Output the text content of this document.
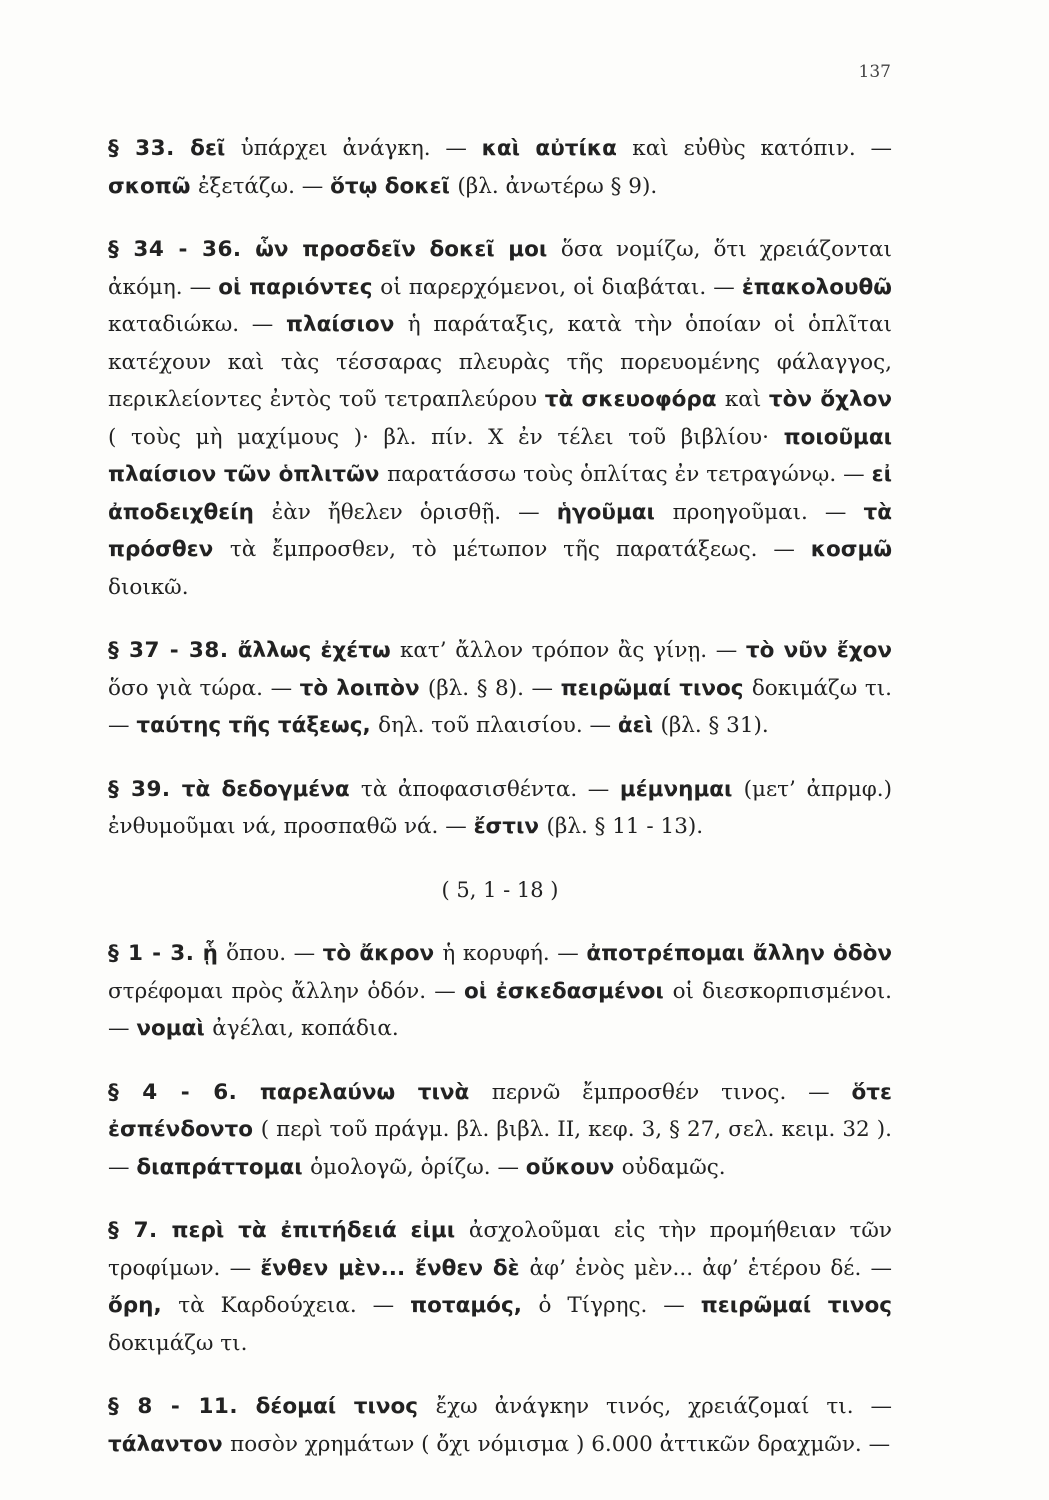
137

§ 33. δεῖ ὑπάρχει ἀνάγκη. — καὶ αὐτίκα καὶ εὐθὺς κατόπιν. — σκοπῶ ἐξετάζω. — ὅτῳ δοκεῖ (βλ. ἀνωτέρω § 9).

§ 34 - 36. ὧν προσδεῖν δοκεῖ μοι ὅσα νομίζω, ὅτι χρειάζονται ἀκόμη. — οἱ παριόντες οἱ παρερχόμενοι, οἱ διαβάται. — ἐπακολουθῶ καταδιώκω. — πλαίσιον ἡ παράταξις, κατὰ τὴν ὁποίαν οἱ ὁπλῖται κατέχουν καὶ τὰς τέσσαρας πλευρὰς τῆς πορευομένης φάλαγγος, περικλείοντες ἐντὸς τοῦ τετραπλεύρου τὰ σκευοφόρα καὶ τὸν ὄχλον ( τοὺς μὴ μαχίμους )· βλ. πίν. X ἐν τέλει τοῦ βιβλίου· ποιοῦμαι πλαίσιον τῶν ὁπλιτῶν παρατάσσω τοὺς ὁπλίτας ἐν τετραγώνῳ. — εἰ ἀποδειχθείη ἐὰν ἤθελεν ὁρισθῇ. — ἡγοῦμαι προηγοῦμαι. — τὰ πρόσθεν τὰ ἔμπροσθεν, τὸ μέτωπον τῆς παρατάξεως. — κοσμῶ διοικῶ.

§ 37 - 38. ἄλλως ἐχέτω κατ’ ἄλλον τρόπον ἂς γίνῃ. — τὸ νῦν ἔχον ὅσο γιὰ τώρα. — τὸ λοιπὸν (βλ. § 8). — πειρῶμαί τινος δοκιμάζω τι. — ταύτης τῆς τάξεως, δηλ. τοῦ πλαισίου. — ἀεὶ (βλ. § 31).

§ 39. τὰ δεδογμένα τὰ ἀποφασισθέντα. — μέμνημαι (μετ’ ἀπρμφ.) ἐνθυμοῦμαι νά, προσπαθῶ νά. — ἔστιν (βλ. § 11 - 13).

( 5, 1 - 18 )

§ 1 - 3. ᾗ ὅπου. — τὸ ἄκρον ἡ κορυφή. — ἀποτρέπομαι ἄλλην ὁδὸν στρέφομαι πρὸς ἄλλην ὁδόν. — οἱ ἐσκεδασμένοι οἱ διεσκορπισμένοι. — νομαὶ ἀγέλαι, κοπάδια.

§ 4 - 6. παρελαύνω τινὰ περνῶ ἔμπροσθέν τινος. — ὅτε ἐσπένδοντο ( περὶ τοῦ πράγμ. βλ. βιβλ. II, κεφ. 3, § 27, σελ. κειμ. 32 ). — διαπράττομαι ὁμολογῶ, ὁρίζω. — οὔκουν οὐδαμῶς.

§ 7. περὶ τὰ ἐπιτήδειά εἰμι ἀσχολοῦμαι εἰς τὴν προμήθειαν τῶν τροφίμων. — ἔνθεν μὲν... ἔνθεν δὲ ἀφ’ ἑνὸς μὲν... ἀφ’ ἑτέρου δέ. — ὄρη, τὰ Καρδούχεια. — ποταμός, ὁ Τίγρης. — πειρῶμαί τινος δοκιμάζω τι.

§ 8 - 11. δέομαί τινος ἔχω ἀνάγκην τινός, χρειάζομαί τι. — τάλαντον ποσὸν χρημάτων ( ὄχι νόμισμα ) 6.000 ἀττικῶν δραχμῶν. —
